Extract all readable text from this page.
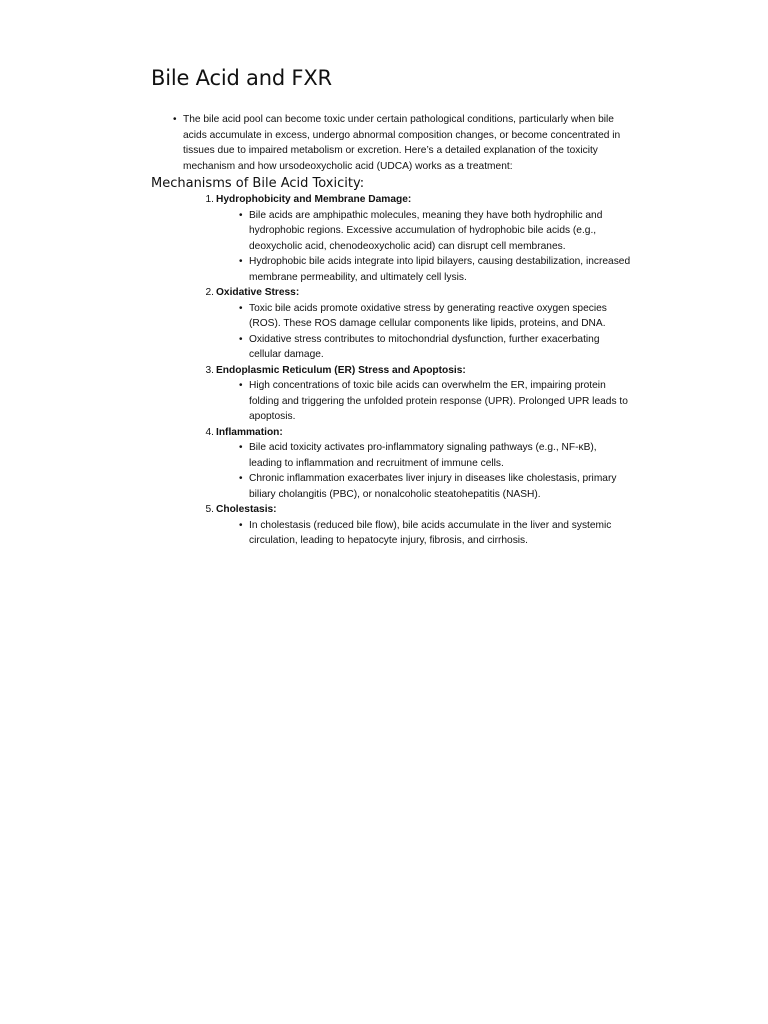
Bile Acid and FXR
• The bile acid pool can become toxic under certain pathological conditions, particularly when bile acids accumulate in excess, undergo abnormal composition changes, or become concentrated in tissues due to impaired metabolism or excretion. Here’s a detailed explanation of the toxicity mechanism and how ursodeoxycholic acid (UDCA) works as a treatment:
Mechanisms of Bile Acid Toxicity:
1. Hydrophobicity and Membrane Damage:
• Bile acids are amphipathic molecules, meaning they have both hydrophilic and hydrophobic regions. Excessive accumulation of hydrophobic bile acids (e.g., deoxycholic acid, chenodeoxycholic acid) can disrupt cell membranes.
• Hydrophobic bile acids integrate into lipid bilayers, causing destabilization, increased membrane permeability, and ultimately cell lysis.
2. Oxidative Stress:
• Toxic bile acids promote oxidative stress by generating reactive oxygen species (ROS). These ROS damage cellular components like lipids, proteins, and DNA.
• Oxidative stress contributes to mitochondrial dysfunction, further exacerbating cellular damage.
3. Endoplasmic Reticulum (ER) Stress and Apoptosis:
• High concentrations of toxic bile acids can overwhelm the ER, impairing protein folding and triggering the unfolded protein response (UPR). Prolonged UPR leads to apoptosis.
4. Inflammation:
• Bile acid toxicity activates pro-inflammatory signaling pathways (e.g., NF-κB), leading to inflammation and recruitment of immune cells.
• Chronic inflammation exacerbates liver injury in diseases like cholestasis, primary biliary cholangitis (PBC), or nonalcoholic steatohepatitis (NASH).
5. Cholestasis:
• In cholestasis (reduced bile flow), bile acids accumulate in the liver and systemic circulation, leading to hepatocyte injury, fibrosis, and cirrhosis.
